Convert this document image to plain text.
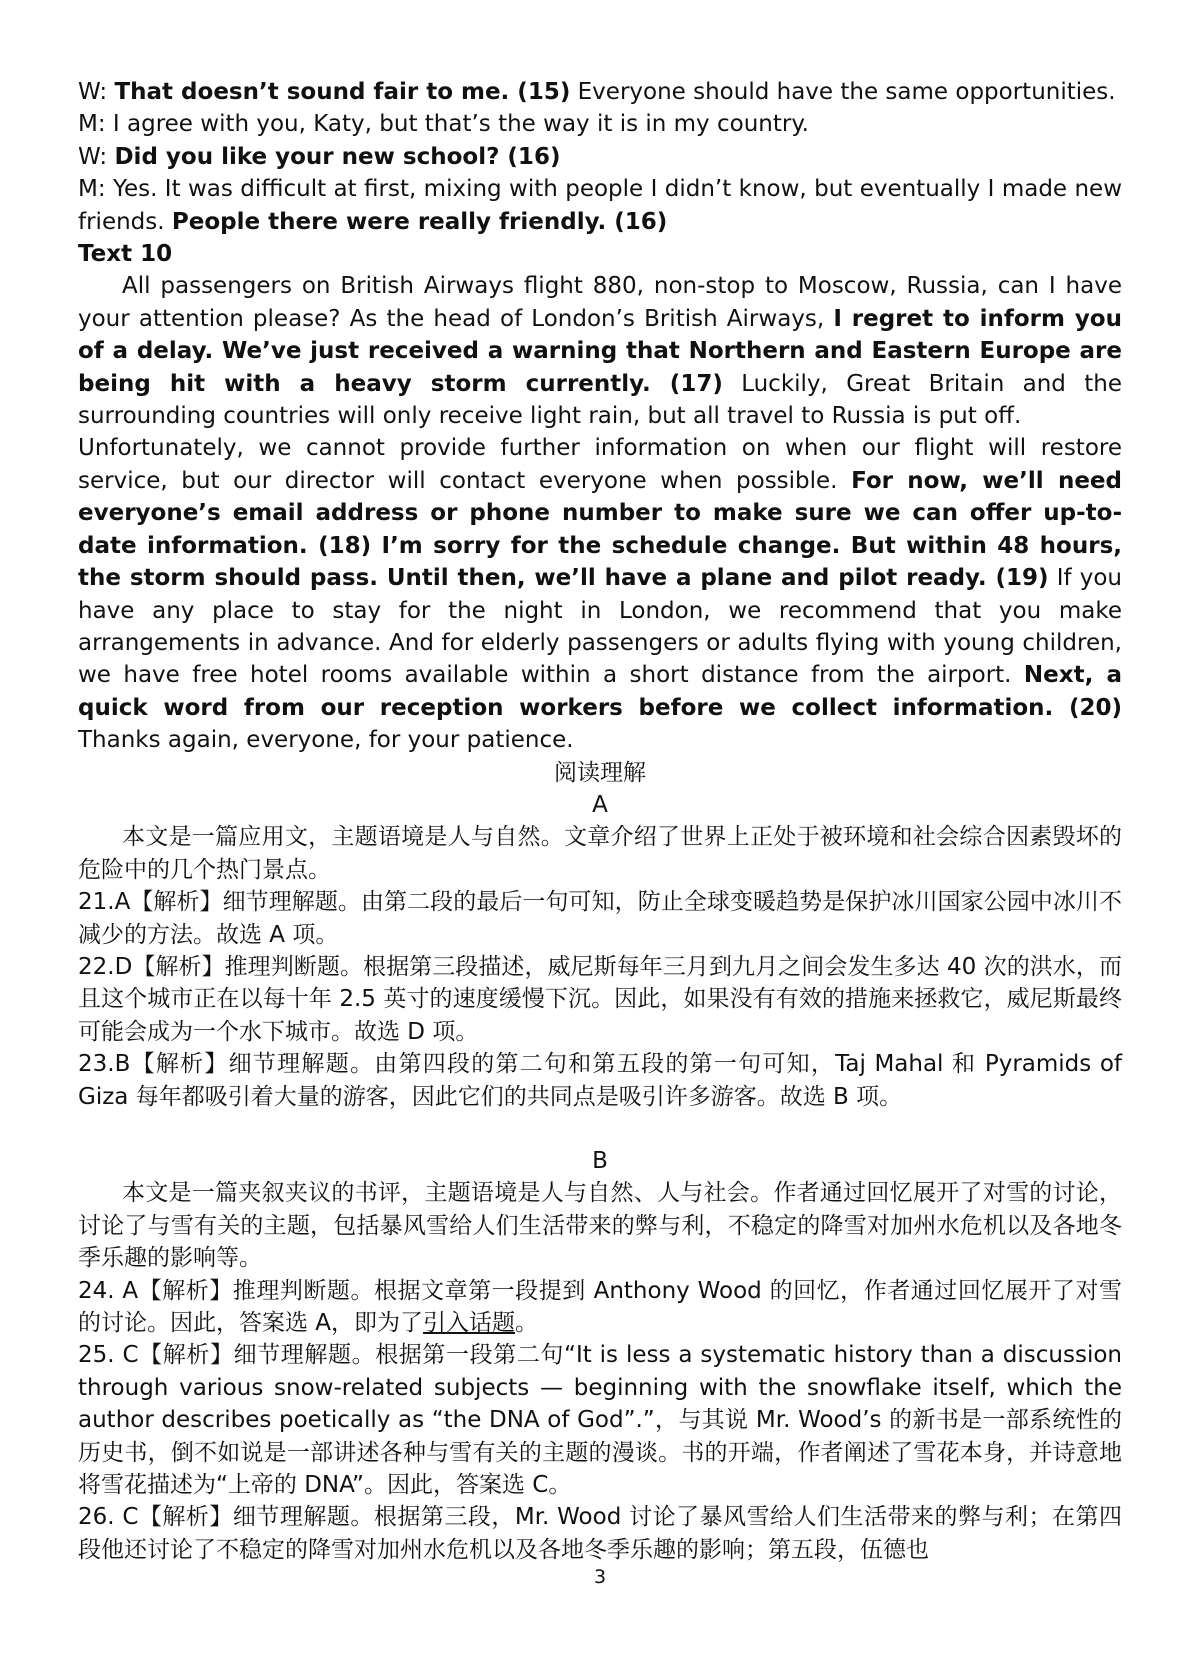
W: That doesn’t sound fair to me. (15) Everyone should have the same opportunities.

M: I agree with you, Katy, but that’s the way it is in my country.

W: Did you like your new school? (16)

M: Yes. It was difficult at first, mixing with people I didn’t know, but eventually I made new friends. People there were really friendly. (16)

Text 10

All passengers on British Airways flight 880, non-stop to Moscow, Russia, can I have your attention please? As the head of London’s British Airways, I regret to inform you of a delay. We’ve just received a warning that Northern and Eastern Europe are being hit with a heavy storm currently. (17) Luckily, Great Britain and the surrounding countries will only receive light rain, but all travel to Russia is put off.

Unfortunately, we cannot provide further information on when our flight will restore service, but our director will contact everyone when possible. For now, we’ll need everyone’s email address or phone number to make sure we can offer up-to-date information. (18) I’m sorry for the schedule change. But within 48 hours, the storm should pass. Until then, we’ll have a plane and pilot ready. (19) If you have any place to stay for the night in London, we recommend that you make arrangements in advance. And for elderly passengers or adults flying with young children, we have free hotel rooms available within a short distance from the airport. Next, a quick word from our reception workers before we collect information. (20) Thanks again, everyone, for your patience.

阅读理解

A

本文是一篇应用文，主题语境是人与自然。文章介绍了世界上正处于被环境和社会综合因素毁坏的危险中的几个热门景点。

21.A【解析】细节理解题。由第二段的最后一句可知，防止全球变暖趋势是保护冰川国家公园中冰川不减少的方法。故选 A 项。

22.D【解析】推理判断题。根据第三段描述，威尼斯每年三月到九月之间会发生多达 40 次的洪水，而且这个城市正在以每十年 2.5 英寸的速度缓慢下沉。因此，如果没有有效的措施来拯救它，威尼斯最终可能会成为一个水下城市。故选 D 项。

23.B【解析】细节理解题。由第四段的第二句和第五段的第一句可知，Taj Mahal 和 Pyramids of Giza 每年都吸引着大量的游客，因此它们的共同点是吸引许多游客。故选 B 项。

B

本文是一篇夹叙夹议的书评，主题语境是人与自然、人与社会。作者通过回忆展开了对雪的讨论，讨论了与雪有关的主题，包括暴风雪给人们生活带来的弊与利，不稳定的降雪对加州水危机以及各地冬季乐趣的影响等。

24. A【解析】推理判断题。根据文章第一段提到 Anthony Wood 的回忆，作者通过回忆展开了对雪的讨论。因此，答案选 A，即为了引入话题。

25. C【解析】细节理解题。根据第一段第二句“It is less a systematic history than a discussion through various snow-related subjects — beginning with the snowflake itself, which the author describes poetically as “the DNA of God”.”，与其说 Mr. Wood’s 的新书是一部系统性的历史书，倒不如说是一部讲述各种与雪有关的主题的漫谈。书的开端，作者阐述了雪花本身，并诗意地将雪花描述为“上帝的 DNA”。因此，答案选 C。

26. C【解析】细节理解题。根据第三段，Mr. Wood 讨论了暴风雪给人们生活带来的弊与利；在第四段他还讨论了不稳定的降雪对加州水危机以及各地冬季乐趣的影响；第五段，伍德也

3
